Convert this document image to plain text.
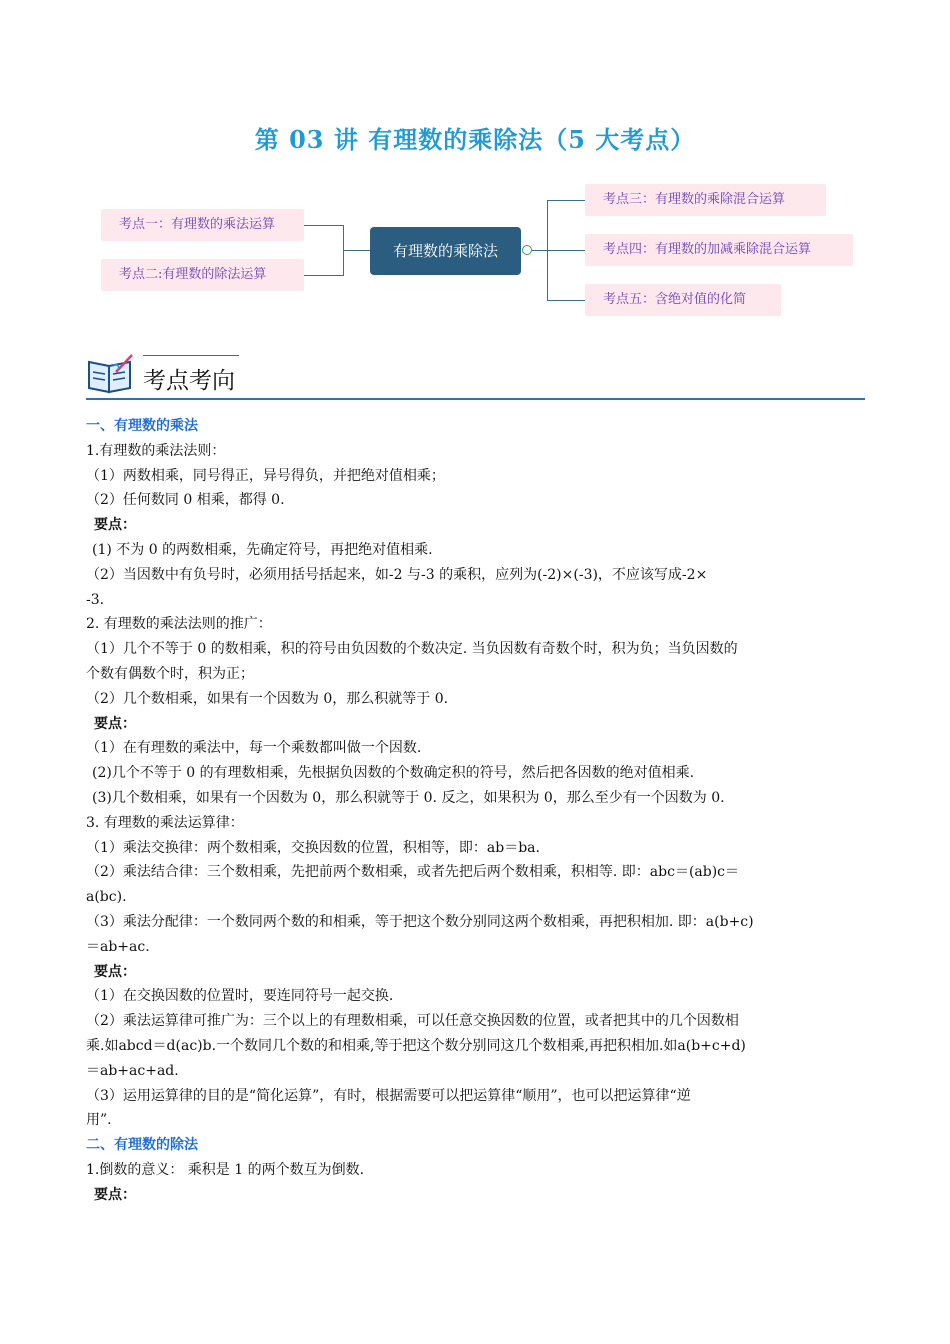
第 03 讲 有理数的乘除法（5 大考点）
考点一：有理数的乘法运算
考点二:有理数的除法运算
有理数的乘除法
考点三：有理数的乘除混合运算
考点四：有理数的加减乘除混合运算
考点五：含绝对值的化简
考点考向

一、有理数的乘法

1.有理数的乘法法则：

（1）两数相乘，同号得正，异号得负，并把绝对值相乘；

（2）任何数同 0 相乘，都得 0.

要点：

(1) 不为 0 的两数相乘，先确定符号，再把绝对值相乘.

（2）当因数中有负号时，必须用括号括起来，如-2 与-3 的乘积，应列为(-2)×(-3)，不应该写成-2×

-3.

2. 有理数的乘法法则的推广：

（1）几个不等于 0 的数相乘，积的符号由负因数的个数决定. 当负因数有奇数个时，积为负；当负因数的

个数有偶数个时，积为正；

（2）几个数相乘，如果有一个因数为 0，那么积就等于 0.

要点：

（1）在有理数的乘法中，每一个乘数都叫做一个因数.

(2)几个不等于 0 的有理数相乘，先根据负因数的个数确定积的符号，然后把各因数的绝对值相乘.

(3)几个数相乘，如果有一个因数为 0，那么积就等于 0. 反之，如果积为 0，那么至少有一个因数为 0.

3. 有理数的乘法运算律：

（1）乘法交换律：两个数相乘，交换因数的位置，积相等，即：ab＝ba.

（2）乘法结合律：三个数相乘，先把前两个数相乘，或者先把后两个数相乘，积相等. 即：abc＝(ab)c＝

a(bc).

（3）乘法分配律：一个数同两个数的和相乘，等于把这个数分别同这两个数相乘，再把积相加. 即：a(b+c)

＝ab+ac.

要点：

（1）在交换因数的位置时，要连同符号一起交换.

（2）乘法运算律可推广为：三个以上的有理数相乘，可以任意交换因数的位置，或者把其中的几个因数相

乘.如abcd＝d(ac)b.一个数同几个数的和相乘,等于把这个数分别同这几个数相乘,再把积相加.如a(b+c+d)

＝ab+ac+ad.

（3）运用运算律的目的是“简化运算”，有时，根据需要可以把运算律“顺用”，也可以把运算律“逆

用”.

二、有理数的除法

1.倒数的意义： 乘积是 1 的两个数互为倒数.

要点：
